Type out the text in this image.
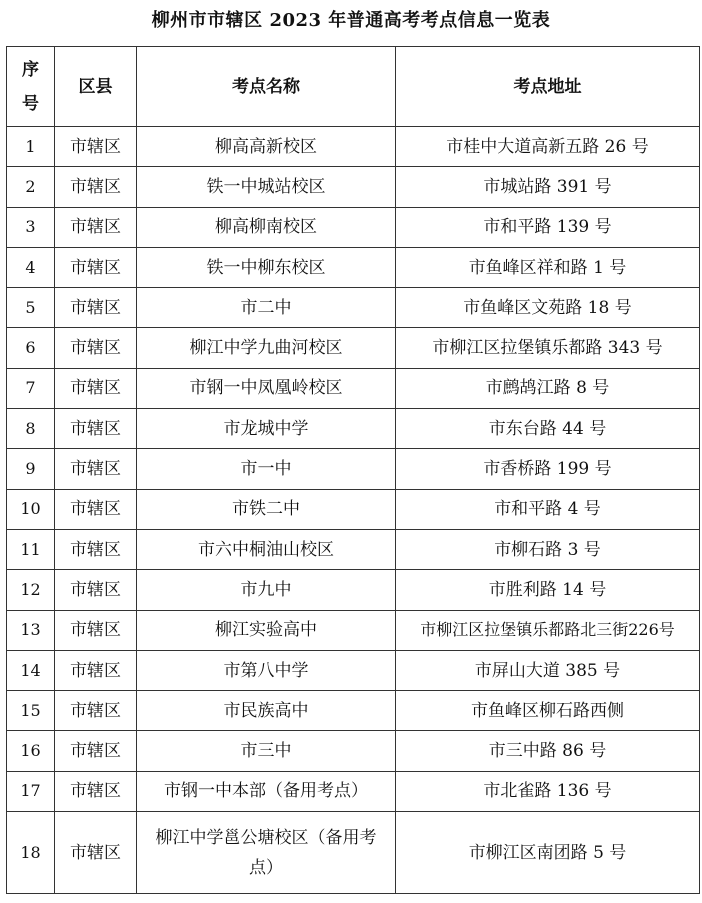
柳州市市辖区 2023 年普通高考考点信息一览表
序号	区县	考点名称	考点地址
1	市辖区	柳高高新校区	市桂中大道高新五路 26 号
2	市辖区	铁一中城站校区	市城站路 391 号
3	市辖区	柳高柳南校区	市和平路 139 号
4	市辖区	铁一中柳东校区	市鱼峰区祥和路 1 号
5	市辖区	市二中	市鱼峰区文苑路 18 号
6	市辖区	柳江中学九曲河校区	市柳江区拉堡镇乐都路 343 号
7	市辖区	市钢一中凤凰岭校区	市鹧鸪江路 8 号
8	市辖区	市龙城中学	市东台路 44 号
9	市辖区	市一中	市香桥路 199 号
10	市辖区	市铁二中	市和平路 4 号
11	市辖区	市六中桐油山校区	市柳石路 3 号
12	市辖区	市九中	市胜利路 14 号
13	市辖区	柳江实验高中	市柳江区拉堡镇乐都路北三街226号
14	市辖区	市第八中学	市屏山大道 385 号
15	市辖区	市民族高中	市鱼峰区柳石路西侧
16	市辖区	市三中	市三中路 86 号
17	市辖区	市钢一中本部（备用考点）	市北雀路 136 号
18	市辖区	柳江中学邕公塘校区（备用考点）	市柳江区南团路 5 号
